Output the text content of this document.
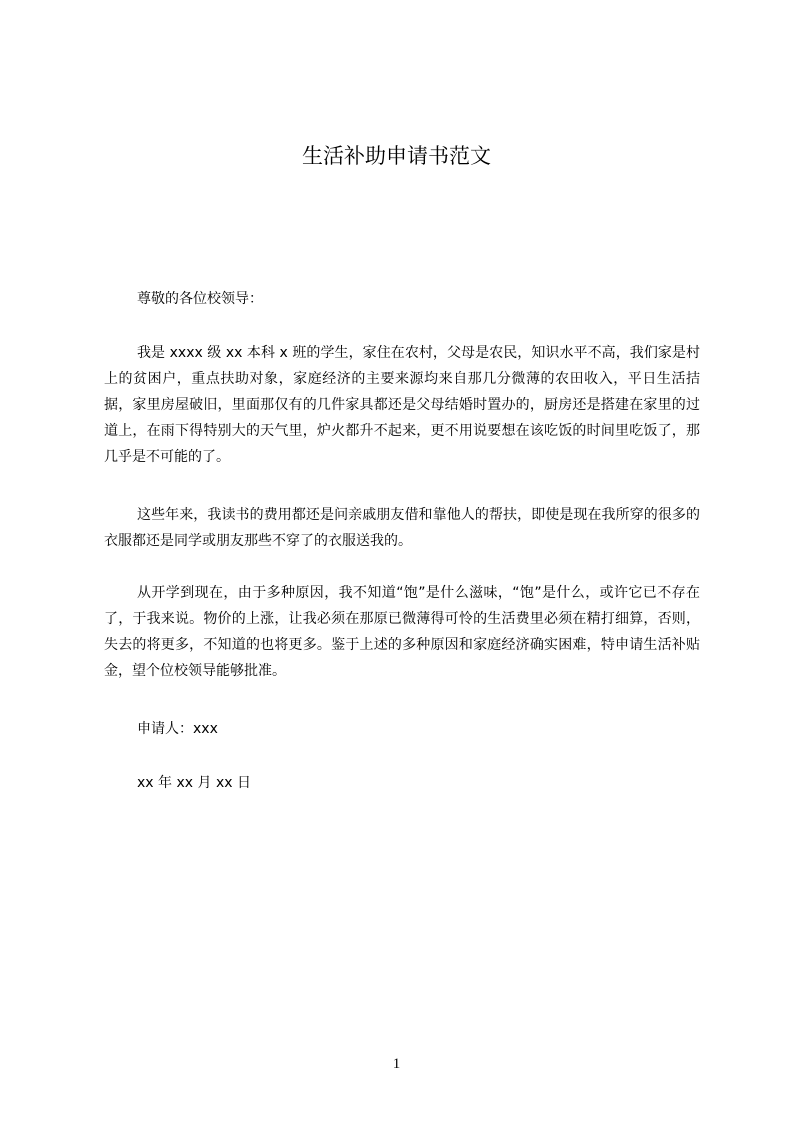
生活补助申请书范文

尊敬的各位校领导：

我是 xxxx 级 xx 本科 x 班的学生，家住在农村，父母是农民，知识水平不高，我们家是村上的贫困户，重点扶助对象，家庭经济的主要来源均来自那几分微薄的农田收入，平日生活拮据，家里房屋破旧，里面那仅有的几件家具都还是父母结婚时置办的，厨房还是搭建在家里的过道上，在雨下得特别大的天气里，炉火都升不起来，更不用说要想在该吃饭的时间里吃饭了，那几乎是不可能的了。

这些年来，我读书的费用都还是问亲戚朋友借和靠他人的帮扶，即使是现在我所穿的很多的衣服都还是同学或朋友那些不穿了的衣服送我的。

从开学到现在，由于多种原因，我不知道“饱”是什么滋味，“饱”是什么，或许它已不存在了，于我来说。物价的上涨，让我必须在那原已微薄得可怜的生活费里必须在精打细算，否则，失去的将更多，不知道的也将更多。鉴于上述的多种原因和家庭经济确实困难，特申请生活补贴金，望个位校领导能够批准。

申请人：xxx

xx 年 xx 月 xx 日

1
